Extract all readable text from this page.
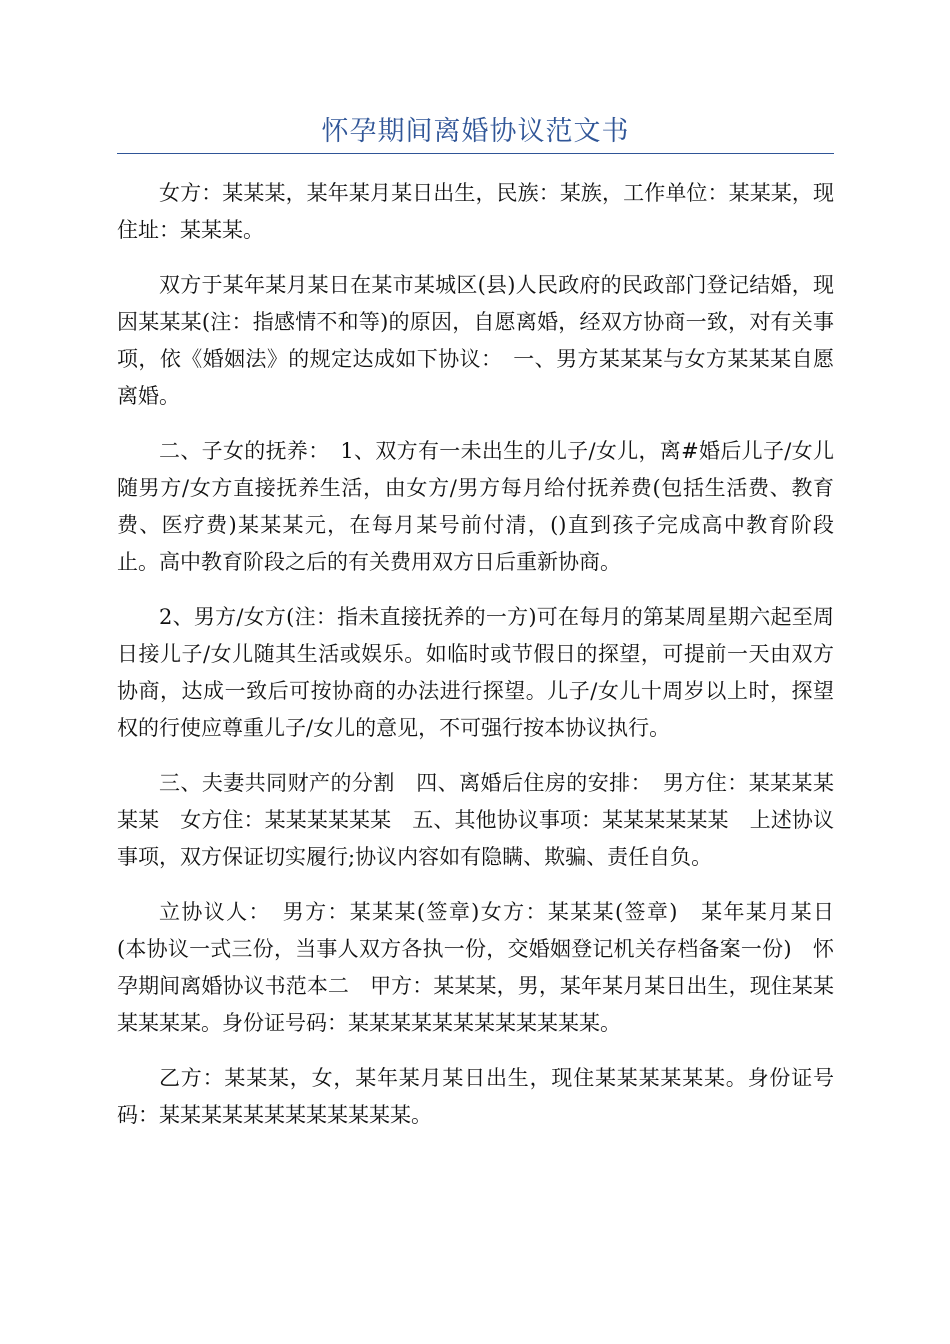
怀孕期间离婚协议范文书

女方：某某某，某年某月某日出生，民族：某族，工作单位：某某某，现住址：某某某。

双方于某年某月某日在某市某城区(县)人民政府的民政部门登记结婚，现因某某某(注：指感情不和等)的原因，自愿离婚，经双方协商一致，对有关事项，依《婚姻法》的规定达成如下协议：　一、男方某某某与女方某某某自愿离婚。

二、子女的抚养：　1、双方有一未出生的儿子/女儿，离#婚后儿子/女儿随男方/女方直接抚养生活，由女方/男方每月给付抚养费(包括生活费、教育费、医疗费)某某某元，在每月某号前付清，()直到孩子完成高中教育阶段止。高中教育阶段之后的有关费用双方日后重新协商。

2、男方/女方(注：指未直接抚养的一方)可在每月的第某周星期六起至周日接儿子/女儿随其生活或娱乐。如临时或节假日的探望，可提前一天由双方协商，达成一致后可按协商的办法进行探望。儿子/女儿十周岁以上时，探望权的行使应尊重儿子/女儿的意见，不可强行按本协议执行。

三、夫妻共同财产的分割　四、离婚后住房的安排：　男方住：某某某某某某　女方住：某某某某某某　五、其他协议事项：某某某某某某　上述协议事项，双方保证切实履行;协议内容如有隐瞒、欺骗、责任自负。

立协议人：　男方：某某某(签章)女方：某某某(签章)　某年某月某日　(本协议一式三份，当事人双方各执一份，交婚姻登记机关存档备案一份)　怀孕期间离婚协议书范本二　甲方：某某某，男，某年某月某日出生，现住某某某某某某。身份证号码：某某某某某某某某某某某某。

乙方：某某某，女，某年某月某日出生，现住某某某某某某。身份证号码：某某某某某某某某某某某某。
